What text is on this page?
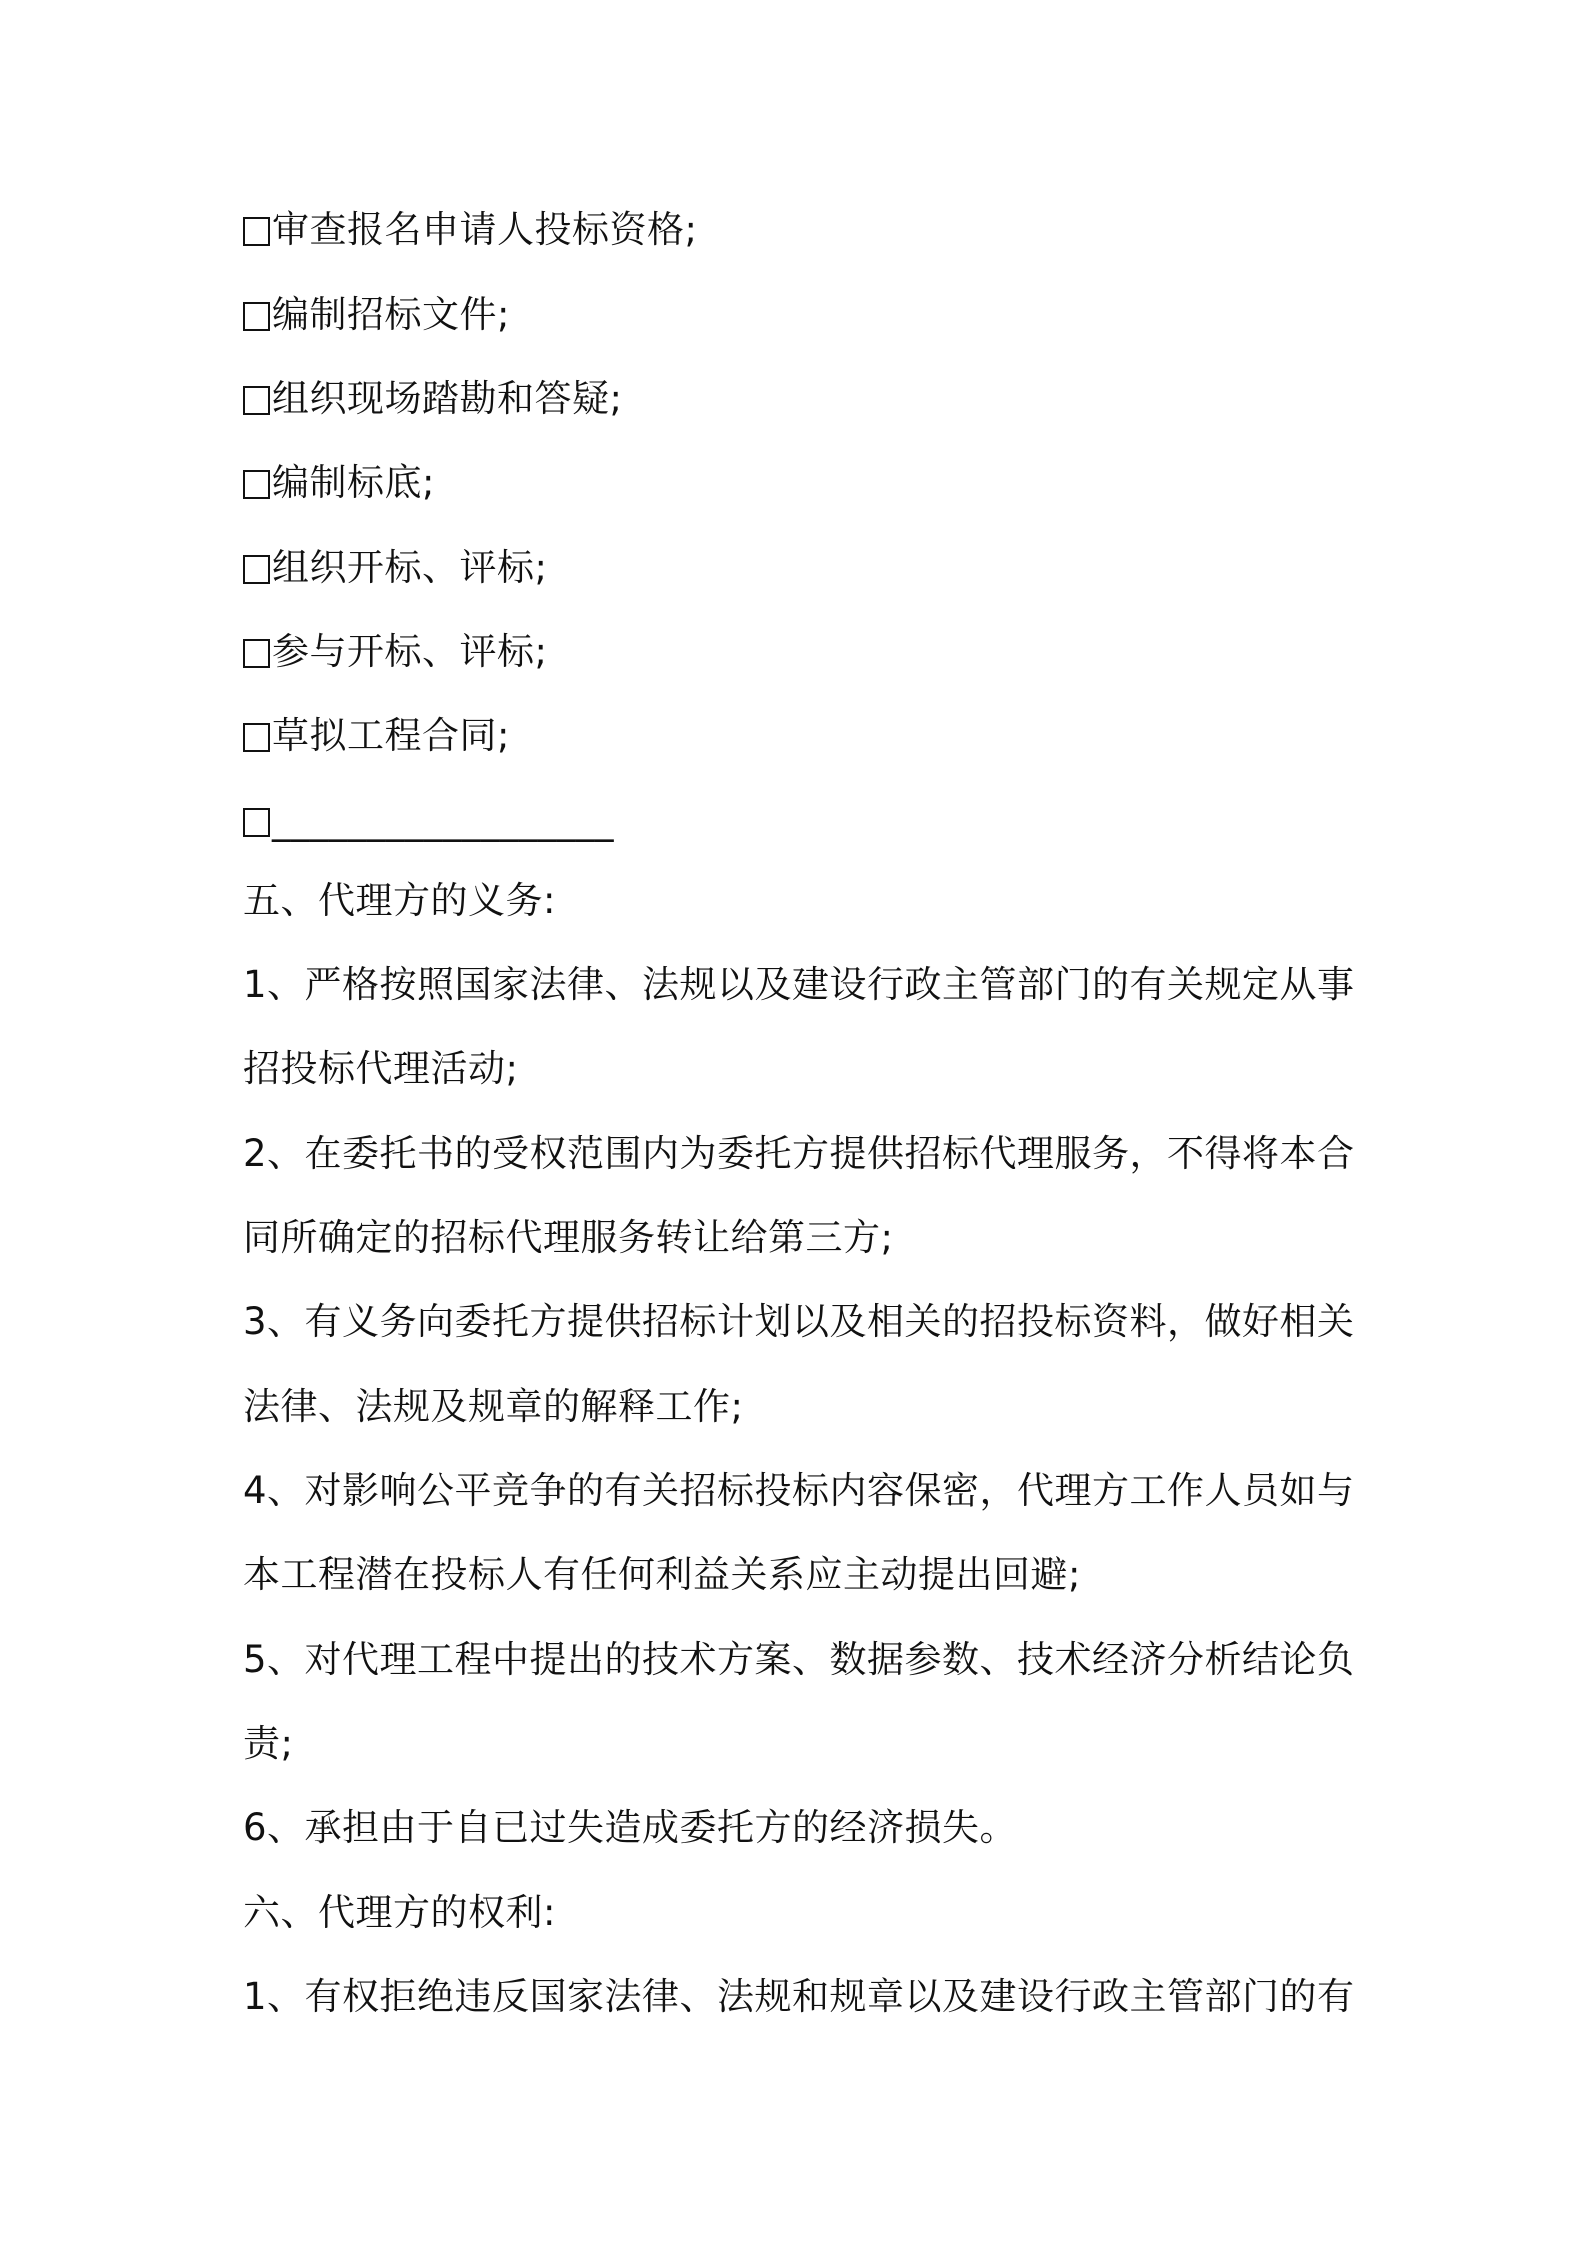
审查报名申请人投标资格;
编制招标文件;
组织现场踏勘和答疑;
编制标底;
组织开标、评标;
参与开标、评标;
草拟工程合同;
__________________
五、代理方的义务:
1、严格按照国家法律、法规以及建设行政主管部门的有关规定从事
招投标代理活动;
2、在委托书的受权范围内为委托方提供招标代理服务，不得将本合
同所确定的招标代理服务转让给第三方;
3、有义务向委托方提供招标计划以及相关的招投标资料，做好相关
法律、法规及规章的解释工作;
4、对影响公平竞争的有关招标投标内容保密，代理方工作人员如与
本工程潜在投标人有任何利益关系应主动提出回避;
5、对代理工程中提出的技术方案、数据参数、技术经济分析结论负
责;
6、承担由于自已过失造成委托方的经济损失。
六、代理方的权利:
1、有权拒绝违反国家法律、法规和规章以及建设行政主管部门的有
